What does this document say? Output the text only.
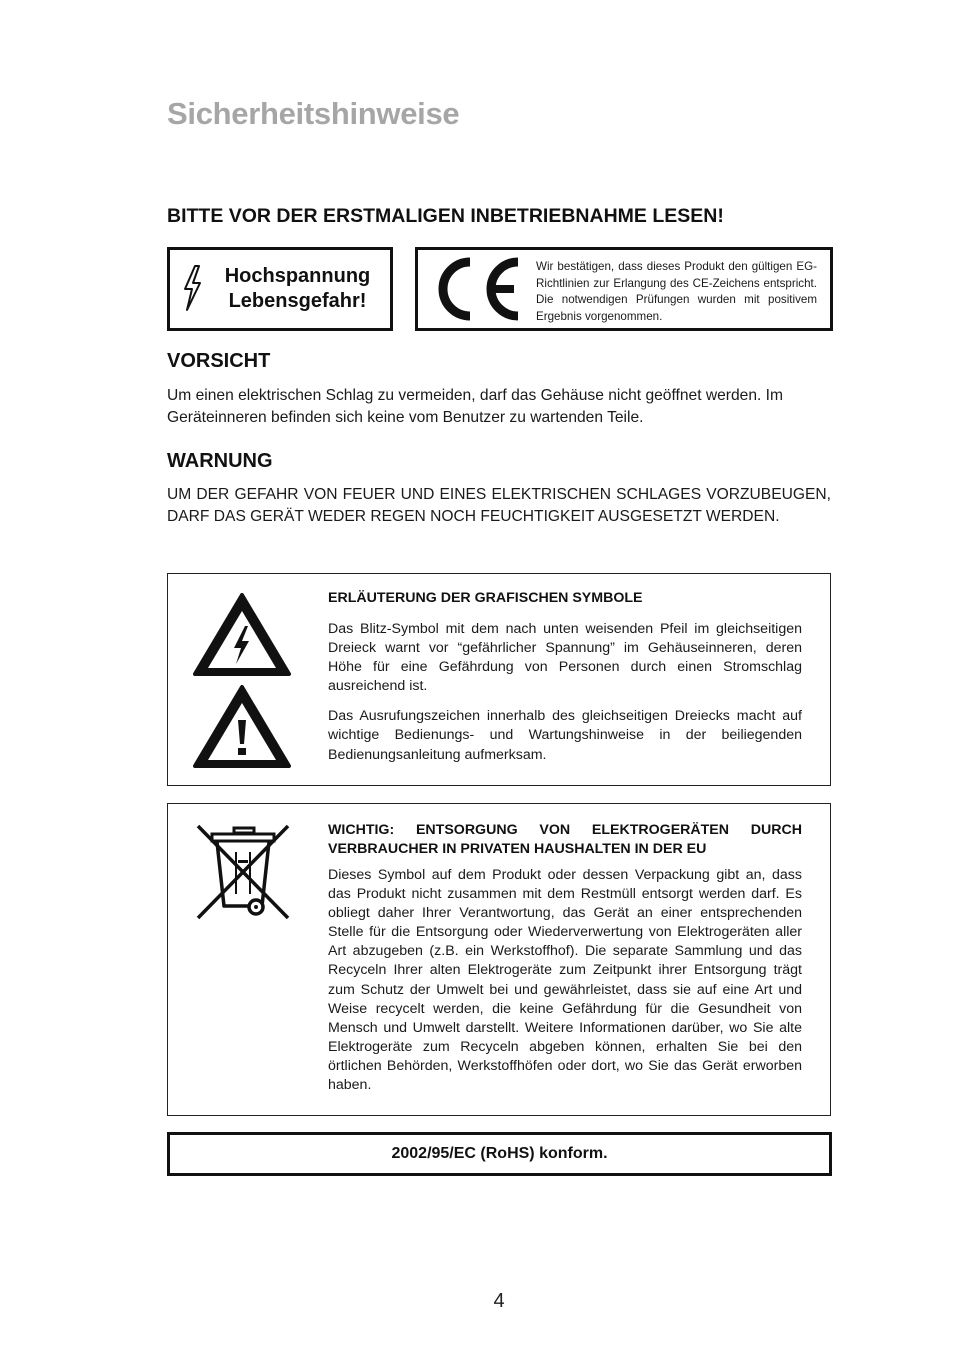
Sicherheitshinweise
BITTE VOR DER ERSTMALIGEN INBETRIEBNAHME LESEN!
Hochspannung
Lebensgefahr!
Wir bestätigen, dass dieses Produkt den gültigen EG-Richtlinien zur Erlangung des CE-Zeichens entspricht. Die notwendigen Prüfungen wurden mit positivem Ergebnis vorgenommen.
VORSICHT
Um einen elektrischen Schlag zu vermeiden, darf das Gehäuse nicht geöffnet werden. Im Geräteinneren befinden sich keine vom Benutzer zu wartenden Teile.
WARNUNG
UM DER GEFAHR VON FEUER UND EINES ELEKTRISCHEN SCHLAGES VORZUBEUGEN, DARF DAS GERÄT WEDER REGEN NOCH FEUCHTIGKEIT AUSGESETZT WERDEN.
ERLÄUTERUNG DER GRAFISCHEN SYMBOLE

Das Blitz-Symbol mit dem nach unten weisenden Pfeil im gleichseitigen Dreieck warnt vor “gefährlicher Spannung” im Gehäuseinneren, deren Höhe für eine Gefährdung von Personen durch einen Stromschlag ausreichend ist.

Das Ausrufungszeichen innerhalb des gleichseitigen Dreiecks macht auf wichtige Bedienungs- und Wartungshinweise in der beiliegenden Bedienungsanleitung aufmerksam.

WICHTIG: ENTSORGUNG VON ELEKTROGERÄTEN DURCH VERBRAUCHER IN PRIVATEN HAUSHALTEN IN DER EU

Dieses Symbol auf dem Produkt oder dessen Verpackung gibt an, dass das Produkt nicht zusammen mit dem Restmüll entsorgt werden darf. Es obliegt daher Ihrer Verantwortung, das Gerät an einer entsprechenden Stelle für die Entsorgung oder Wiederverwertung von Elektrogeräten aller Art abzugeben (z.B. ein Werkstoffhof). Die separate Sammlung und das Recyceln Ihrer alten Elektrogeräte zum Zeitpunkt ihrer Entsorgung trägt zum Schutz der Umwelt bei und gewährleistet, dass sie auf eine Art und Weise recycelt werden, die keine Gefährdung für die Gesundheit von Mensch und Umwelt darstellt. Weitere Informationen darüber, wo Sie alte Elektrogeräte zum Recyceln abgeben können, erhalten Sie bei den örtlichen Behörden, Werkstoffhöfen oder dort, wo Sie das Gerät erworben haben.

2002/95/EC (RoHS) konform.
4
